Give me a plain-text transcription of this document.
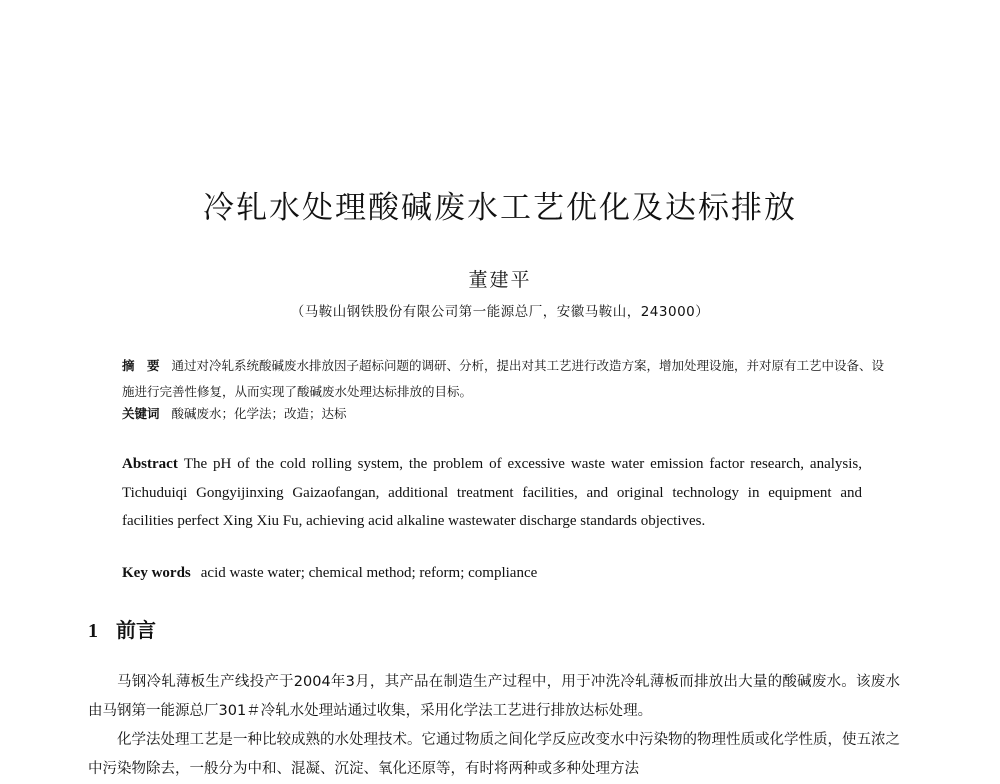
冷轧水处理酸碱废水工艺优化及达标排放
董建平
（马鞍山钢铁股份有限公司第一能源总厂，安徽马鞍山，243000）
摘　要 通过对冷轧系统酸碱废水排放因子超标问题的调研、分析，提出对其工艺进行改造方案，增加处理设施，并对原有工艺中设备、设施进行完善性修复，从而实现了酸碱废水处理达标排放的目标。
关键词 酸碱废水；化学法；改造；达标
Abstract The pH of the cold rolling system, the problem of excessive waste water emission factor research, analysis, Tichuduiqi Gongyijinxing Gaizaofangan, additional treatment facilities, and original technology in equipment and facilities perfect Xing Xiu Fu, achieving acid alkaline wastewater discharge standards objectives.
Key words acid waste water; chemical method; reform; compliance
1 前言

马钢冷轧薄板生产线投产于2004年3月，其产品在制造生产过程中，用于冲洗冷轧薄板而排放出大量的酸碱废水。该废水由马钢第一能源总厂301＃冷轧水处理站通过收集，采用化学法工艺进行排放达标处理。

化学法处理工艺是一种比较成熟的水处理技术。它通过物质之间化学反应改变水中污染物的物理性质或化学性质，使五浓之中污染物除去，一般分为中和、混凝、沉淀、氧化还原等，有时将两种或多种处理方法
